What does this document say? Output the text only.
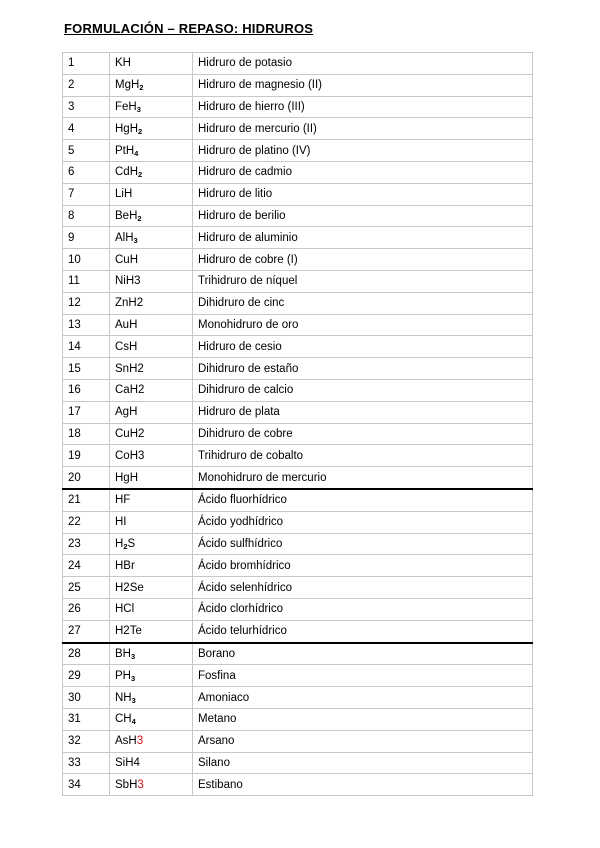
FORMULACIÓN – REPASO: HIDRUROS
1	KH	Hidruro de potasio
2	MgH$_2$	Hidruro de magnesio (II)
3	FeH$_3$	Hidruro de hierro (III)
4	HgH$_2$	Hidruro de mercurio (II)
5	PtH$_4$	Hidruro de platino (IV)
6	CdH$_2$	Hidruro de cadmio
7	LiH	Hidruro de litio
8	BeH$_2$	Hidruro de berilio
9	AlH$_3$	Hidruro de aluminio
10	CuH	Hidruro de cobre (I)
11	NiH3	Trihidruro de níquel
12	ZnH2	Dihidruro de cinc
13	AuH	Monohidruro de oro
14	CsH	Hidruro de cesio
15	SnH2	Dihidruro de estaño
16	CaH2	Dihidruro de calcio
17	AgH	Hidruro de plata
18	CuH2	Dihidruro de cobre
19	CoH3	Trihidruro de cobalto
20	HgH	Monohidruro de mercurio
21	HF	Ácido fluorhídrico
22	HI	Ácido yodhídrico
23	$H_2S$	Ácido sulfhídrico
24	HBr	Ácido bromhídrico
25	H2Se	Ácido selenhídrico
26	HCl	Ácido clorhídrico
27	H2Te	Ácido telurhídrico
28	$BH_3$	Borano
29	$PH_3$	Fosfina
30	$NH_3$	Amoniaco
31	$CH_4$	Metano
32	AsH3	Arsano
33	SiH4	Silano
34	SbH3	Estibano
